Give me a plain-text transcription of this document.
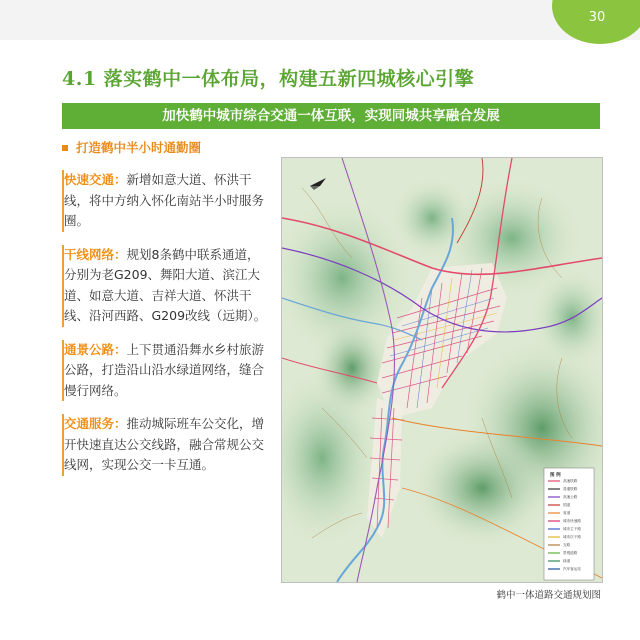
30
4.1 落实鹤中一体布局，构建五新四城核心引擎
加快鹤中城市综合交通一体互联，实现同城共享融合发展
打造鹤中半小时通勤圈
快速交通：新增如意大道、怀洪干线，将中方纳入怀化南站半小时服务圈。
干线网络：规划8条鹤中联系通道，分别为老G209、舞阳大道、滨江大道、如意大道、吉祥大道、怀洪干线、沿河西路、G209改线（远期）。
通景公路：上下贯通沿舞水乡村旅游公路，打造沿山沿水绿道网络，缝合慢行网络。
交通服务：推动城际班车公交化，增开快速直达公交线路，融合常规公交线网，实现公交一卡互通。
图 例
高速铁路
普通铁路
高速公路
国道
省道
城市快速路
城市主干路
城市次干路
支路
景观道路
绿道
汽车客运站
鹤中一体道路交通规划图
